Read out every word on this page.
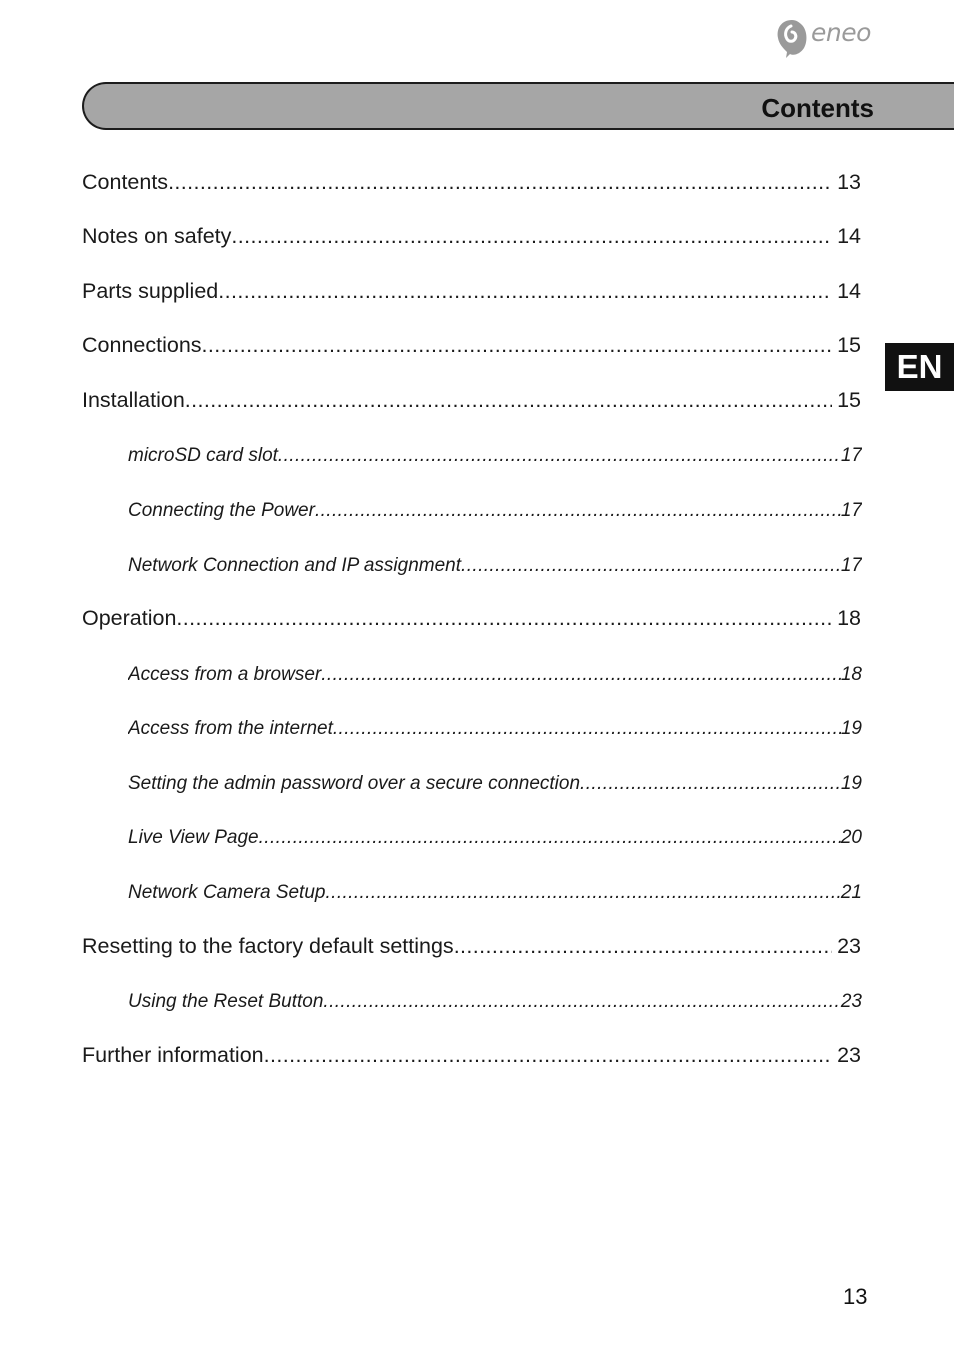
eneo
Contents
EN
Contents .....	13
Notes on safety .....	14
Parts supplied .....	14
Connections .....	15
Installation .....	15
microSD card slot .....	17
Connecting the Power .....	17
Network Connection and IP assignment .....	17
Operation .....	18
Access from a browser .....	18
Access from the internet .....	19
Setting the admin password over a secure connection .....	19
Live View Page .....	20
Network Camera Setup .....	21
Resetting to the factory default settings .....	23
Using the Reset Button .....	23
Further information .....	23
13
